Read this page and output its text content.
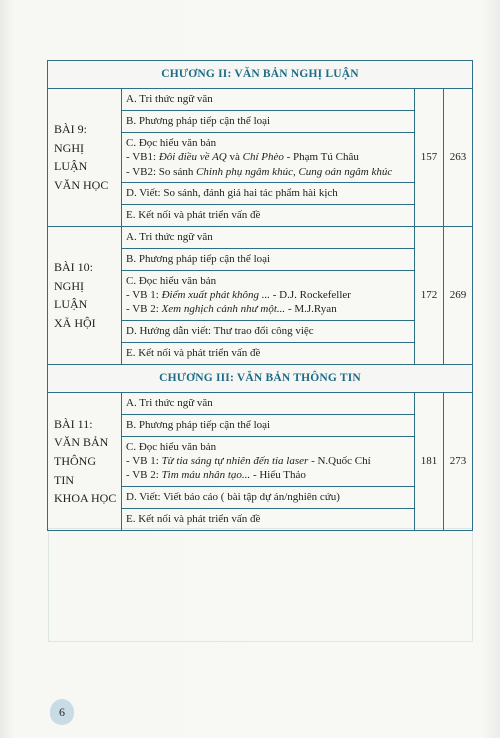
CHƯƠNG II: VĂN BẢN NGHỊ LUẬN			

BÀI 9:
NGHỊ LUẬN
VĂN HỌC	A. Tri thức ngữ văn	157	263
	B. Phương pháp tiếp cận thể loại		

	C. Đọc hiểu văn bản
- VB1: Đôi điều về AQ và Chí Phèo - Phạm Tú Châu
- VB2: So sánh Chinh phụ ngâm khúc, Cung oán ngâm khúc		

	D. Viết: So sánh, đánh giá hai tác phẩm hài kịch		
	E. Kết nối và phát triển vấn đề		

BÀI 10:
NGHỊ LUẬN
XÃ HỘI	A. Tri thức ngữ văn	172	269
	B. Phương pháp tiếp cận thể loại		

	C. Đọc hiểu văn bản
- VB 1: Điểm xuất phát không ... - D.J. Rockefeller
- VB 2: Xem nghịch cảnh như một... - M.J.Ryan		

	D. Hướng dẫn viết: Thư trao đổi công việc		
	E. Kết nối và phát triển vấn đề		
CHƯƠNG III: VĂN BẢN THÔNG TIN			

BÀI 11:
VĂN BẢN
THÔNG TIN
KHOA HỌC	A. Tri thức ngữ văn	181	273
	B. Phương pháp tiếp cận thể loại		

	C. Đọc hiểu văn bản
- VB 1: Từ tia sáng tự nhiên đến tia laser - N.Quốc Chí
- VB 2: Tìm máu nhân tạo... - Hiếu Thảo		

	D. Viết: Viết báo cáo ( bài tập dự án/nghiên cứu)		
	E. Kết nối và phát triển vấn đề		
6
